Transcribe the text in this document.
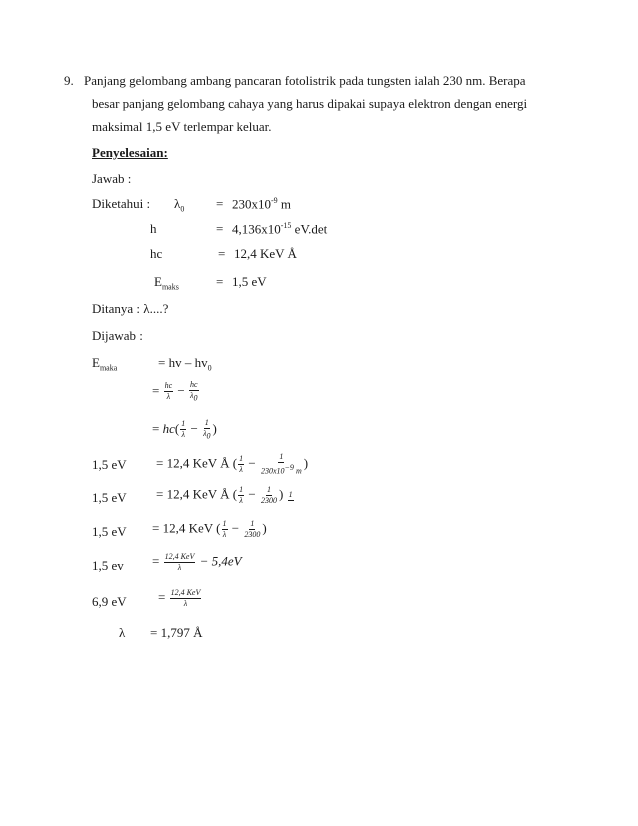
9. Panjang gelombang ambang pancaran fotolistrik pada tungsten ialah 230 nm. Berapa
besar panjang gelombang cahaya yang harus dipakai supaya elektron dengan energi
maksimal 1,5 eV terlempar keluar.
Penyelesaian:
Jawab :
Diketahui : $\lambda_0 = 230x10^{-9}$ m
h	= $4,136x10^{-15}$ eV.det
hc	= 12,4 KeV Å
$E_{maks}$	= 1,5 eV
Ditanya : λ....?
Dijawab :
$E_{maka}$	= hv – $hv_0$
= $\frac{hc}{\lambda} - \frac{hc}{\lambda_0}$
= $hc( \frac{1}{\lambda} - \frac{1}{\lambda_0}$ )
1,5 eV = 12,4 KeV Å ( $\frac{1}{\lambda} - \frac{1}{230x10^{-9} m}$ )
1,5 eV = 12,4 KeV Å ( $\frac{1}{\lambda} - \frac{1}{2300}$ ) 1
1,5 eV = 12,4 KeV ( $\frac{1}{\lambda} - \frac{1}{2300}$ )
1,5 ev = $\frac{\text{12,4 KeV}}{\lambda} - 5,4eV$
6,9 eV = $\frac{\text{12,4 KeV}}{\lambda}$
λ = 1,797 Å
